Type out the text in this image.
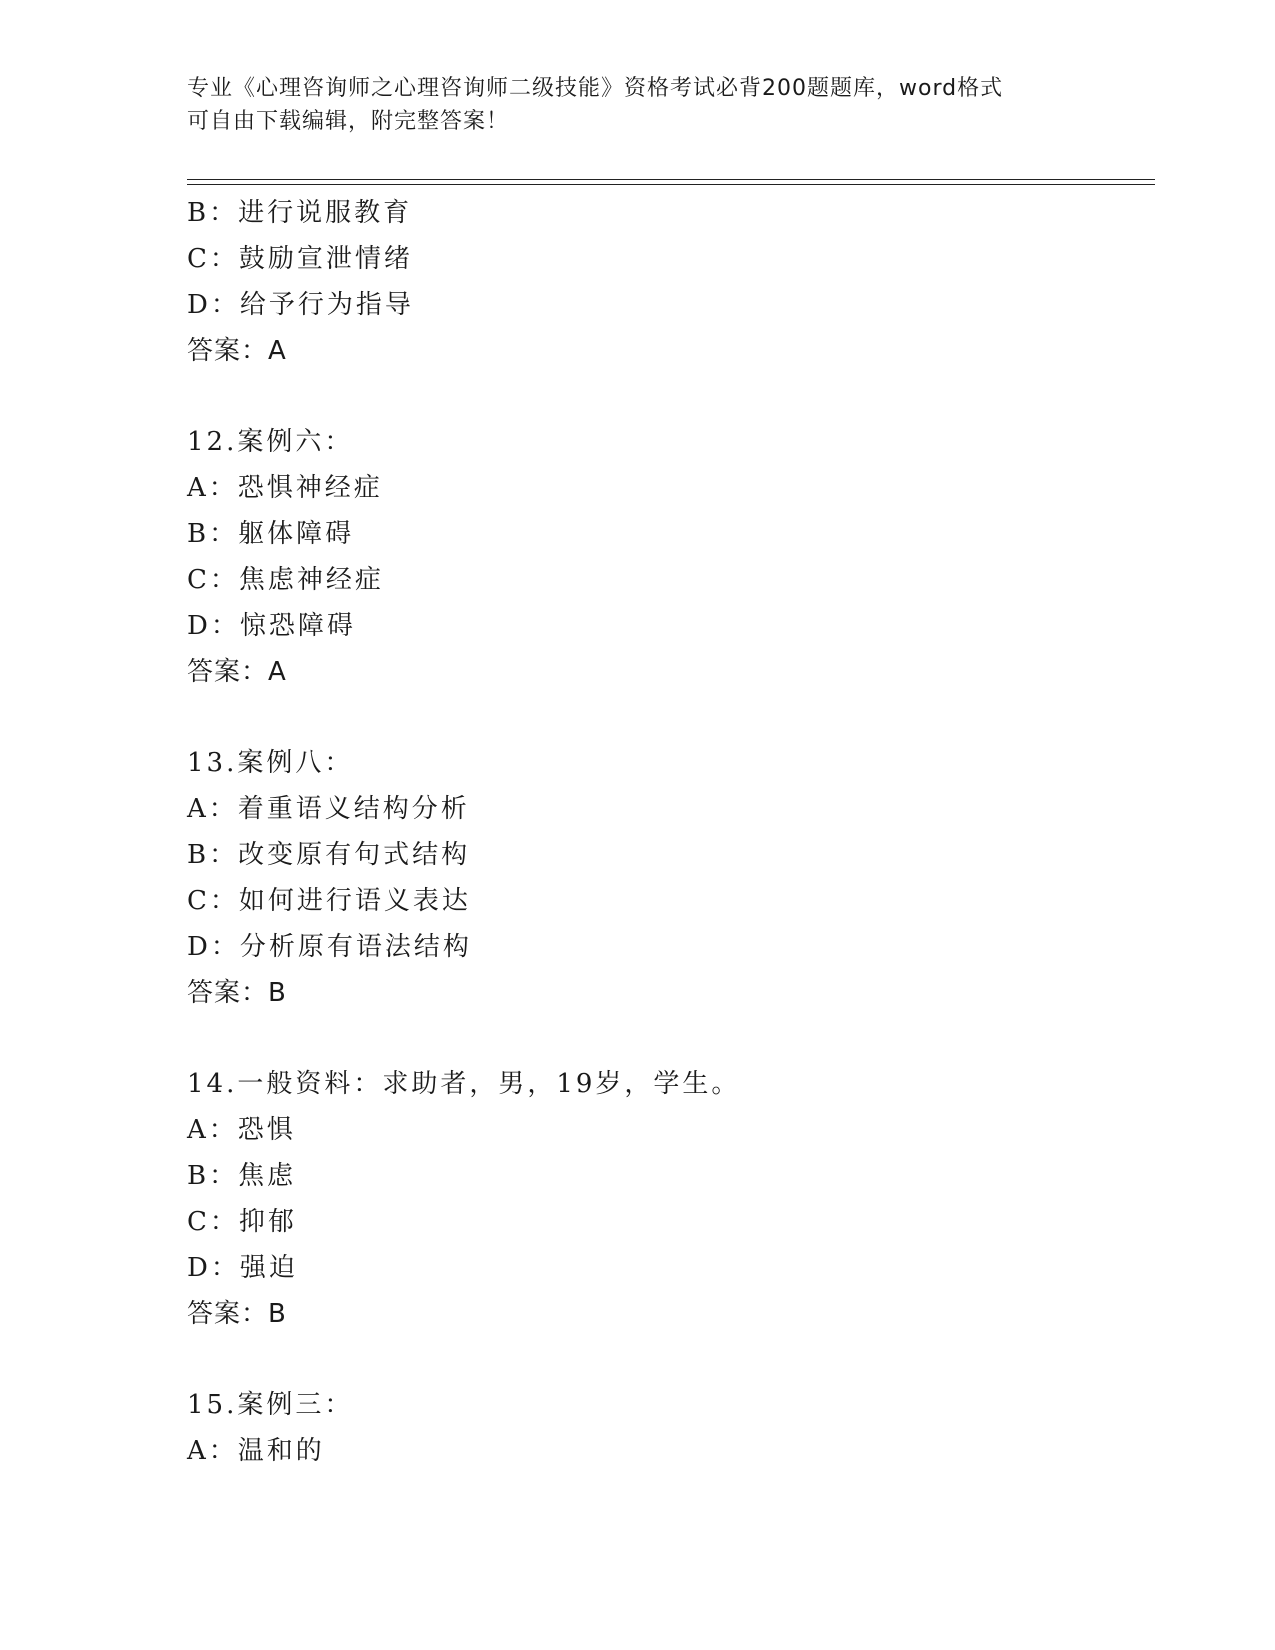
专业《心理咨询师之心理咨询师二级技能》资格考试必背200题题库，word格式
可自由下载编辑，附完整答案！
B：进行说服教育
C：鼓励宣泄情绪
D：给予行为指导
答案：A
12.案例六：
A：恐惧神经症
B：躯体障碍
C：焦虑神经症
D：惊恐障碍
答案：A
13.案例八：
A：着重语义结构分析
B：改变原有句式结构
C：如何进行语义表达
D：分析原有语法结构
答案：B
14.一般资料：求助者，男，19岁，学生。
A：恐惧
B：焦虑
C：抑郁
D：强迫
答案：B
15.案例三：
A：温和的
